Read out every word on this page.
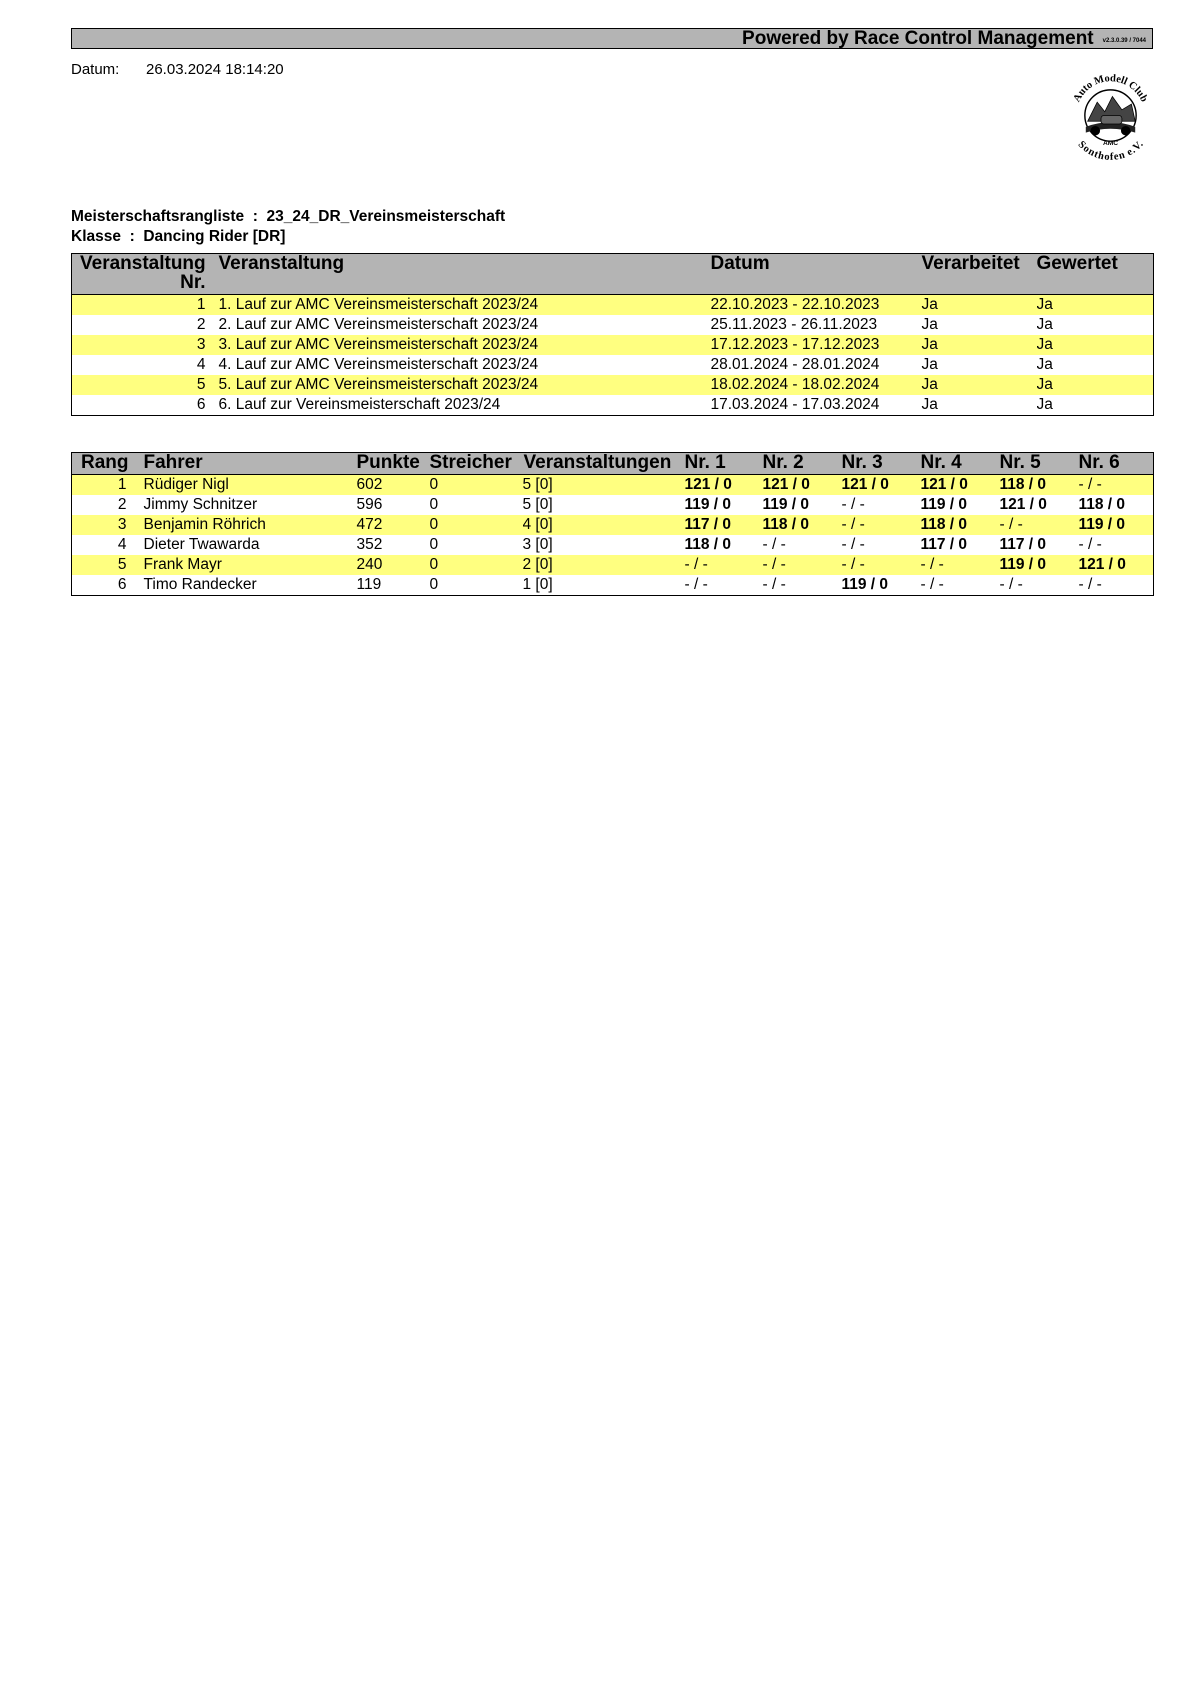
Powered by Race Control Management v2.3.0.39 / 7044
Datum: 26.03.2024 18:14:20
Auto Modell Club
AMC
Sonthofen e.V.
Meisterschaftsrangliste  :  23_24_DR_Vereinsmeisterschaft
Klasse  :  Dancing Rider [DR]
Veranstaltung
Nr.	Veranstaltung	Datum	Verarbeitet	Gewertet
1	1. Lauf zur AMC Vereinsmeisterschaft 2023/24	22.10.2023 - 22.10.2023	Ja	Ja
2	2. Lauf zur AMC Vereinsmeisterschaft 2023/24	25.11.2023 - 26.11.2023	Ja	Ja
3	3. Lauf zur AMC Vereinsmeisterschaft 2023/24	17.12.2023 - 17.12.2023	Ja	Ja
4	4. Lauf zur AMC Vereinsmeisterschaft 2023/24	28.01.2024 - 28.01.2024	Ja	Ja
5	5. Lauf zur AMC Vereinsmeisterschaft 2023/24	18.02.2024 - 18.02.2024	Ja	Ja
6	6. Lauf zur Vereinsmeisterschaft 2023/24	17.03.2024 - 17.03.2024	Ja	Ja
Rang	Fahrer	Punkte	Streicher	Veranstaltungen	Nr. 1	Nr. 2	Nr. 3	Nr. 4	Nr. 5	Nr. 6
1	Rüdiger Nigl	602	0	5 [0]	121 / 0	121 / 0	121 / 0	121 / 0	118 / 0	- / -
2	Jimmy Schnitzer	596	0	5 [0]	119 / 0	119 / 0	- / -	119 / 0	121 / 0	118 / 0
3	Benjamin Röhrich	472	0	4 [0]	117 / 0	118 / 0	- / -	118 / 0	- / -	119 / 0
4	Dieter Twawarda	352	0	3 [0]	118 / 0	- / -	- / -	117 / 0	117 / 0	- / -
5	Frank Mayr	240	0	2 [0]	- / -	- / -	- / -	- / -	119 / 0	121 / 0
6	Timo Randecker	119	0	1 [0]	- / -	- / -	119 / 0	- / -	- / -	- / -
